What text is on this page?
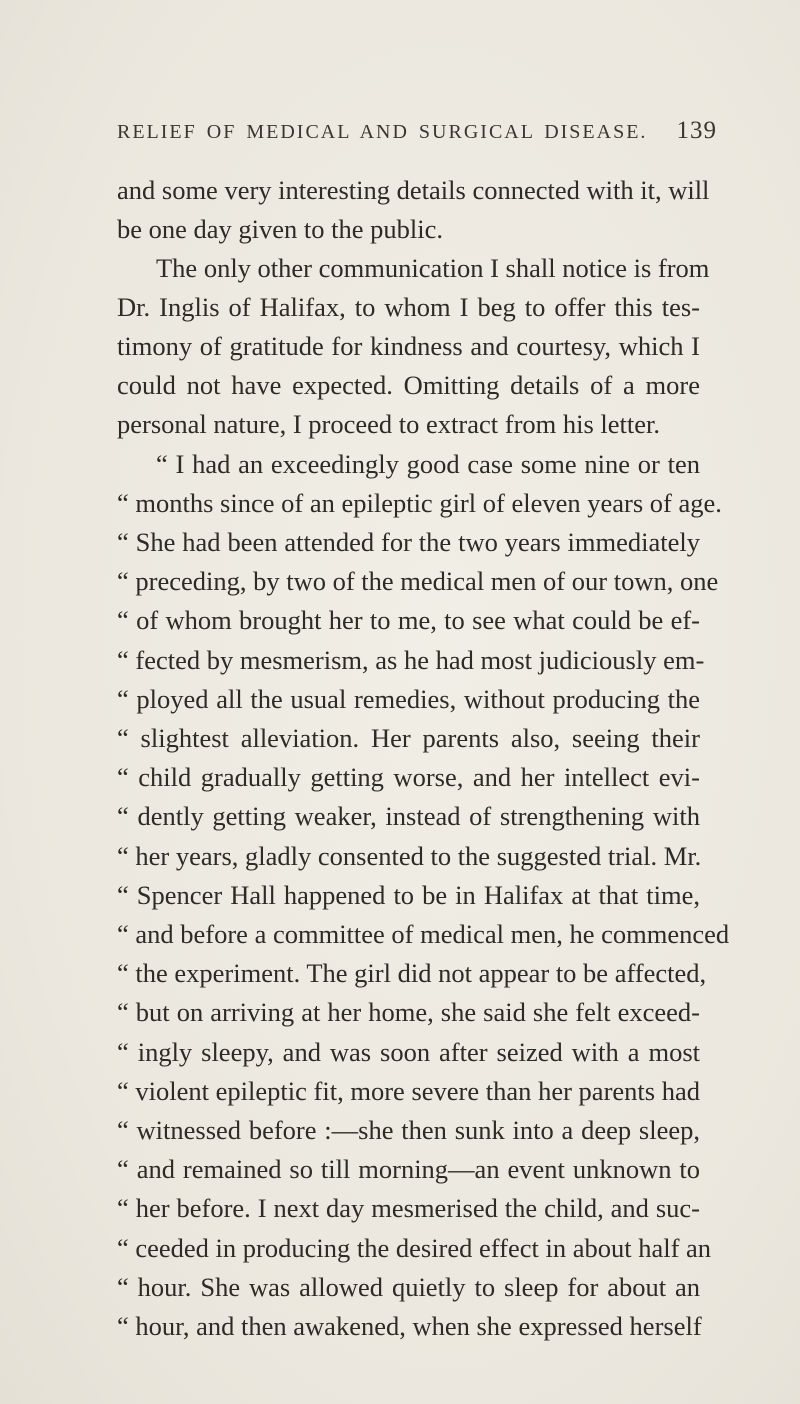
RELIEF OF MEDICAL AND SURGICAL DISEASE. 139
and some very interesting details connected with it, will
be one day given to the public.
The only other communication I shall notice is from
Dr. Inglis of Halifax, to whom I beg to offer this tes-
timony of gratitude for kindness and courtesy, which I
could not have expected. Omitting details of a more
personal nature, I proceed to extract from his letter.
“ I had an exceedingly good case some nine or ten
“ months since of an epileptic girl of eleven years of age.
“ She had been attended for the two years immediately
“ preceding, by two of the medical men of our town, one
“ of whom brought her to me, to see what could be ef-
“ fected by mesmerism, as he had most judiciously em-
“ ployed all the usual remedies, without producing the
“ slightest alleviation. Her parents also, seeing their
“ child gradually getting worse, and her intellect evi-
“ dently getting weaker, instead of strengthening with
“ her years, gladly consented to the suggested trial. Mr.
“ Spencer Hall happened to be in Halifax at that time,
“ and before a committee of medical men, he commenced
“ the experiment. The girl did not appear to be affected,
“ but on arriving at her home, she said she felt exceed-
“ ingly sleepy, and was soon after seized with a most
“ violent epileptic fit, more severe than her parents had
“ witnessed before :—she then sunk into a deep sleep,
“ and remained so till morning—an event unknown to
“ her before. I next day mesmerised the child, and suc-
“ ceeded in producing the desired effect in about half an
“ hour. She was allowed quietly to sleep for about an
“ hour, and then awakened, when she expressed herself
